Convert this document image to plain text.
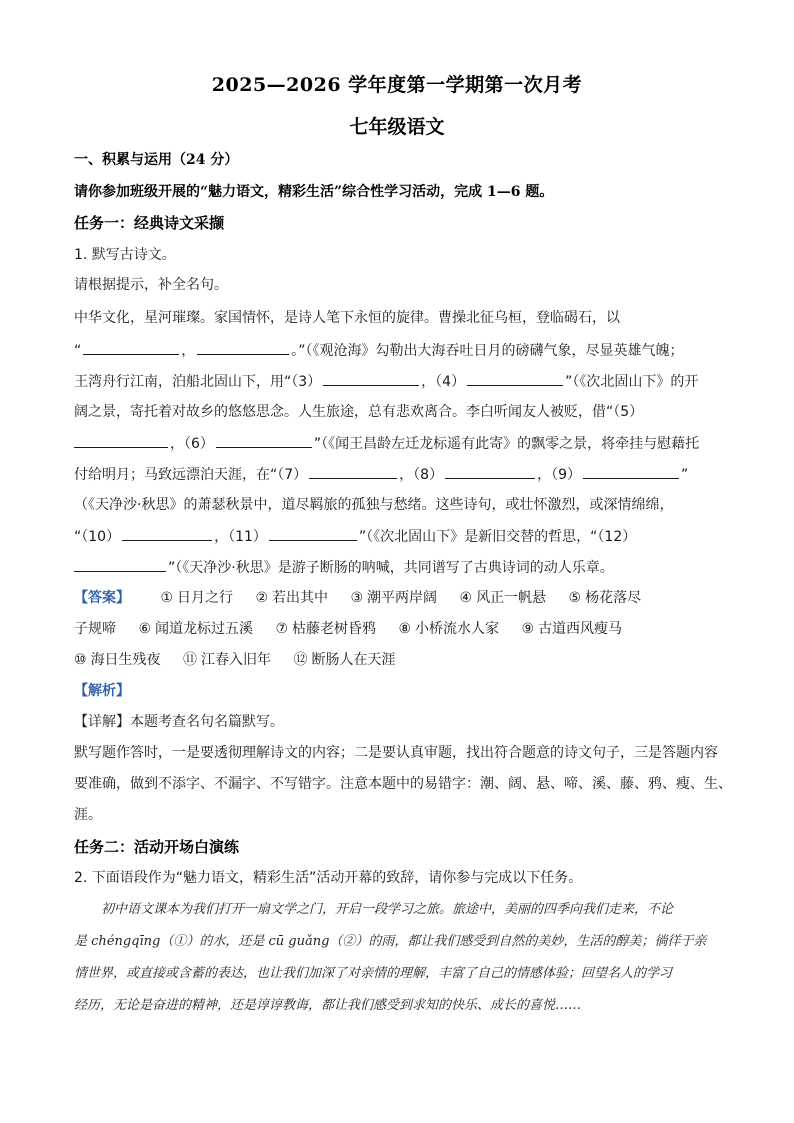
2025—2026 学年度第一学期第一次月考
七年级语文
一、积累与运用（24 分）
请你参加班级开展的“魅力语文，精彩生活”综合性学习活动，完成 1—6 题。
任务一：经典诗文采撷
1. 默写古诗文。
请根据提示，补全名句。
中华文化，星河璀璨。家国情怀，是诗人笔下永恒的旋律。曹操北征乌桓，登临碣石，以
“	，	。”（《观沧海》勾勒出大海吞吐日月的磅礴气象，尽显英雄气魄；
王湾舟行江南，泊船北固山下，用“（3）	，（4）	”（《次北固山下》的开
阔之景，寄托着对故乡的悠悠思念。人生旅途，总有悲欢离合。李白听闻友人被贬，借“（5）
，（6）	”（《闻王昌龄左迁龙标遥有此寄》的飘零之景，将牵挂与慰藉托
付给明月；马致远漂泊天涯，在“（7）	，（8）	，（9）	”
（《天净沙·秋思》的萧瑟秋景中，道尽羁旅的孤独与愁绪。这些诗句，或壮怀激烈，或深情绵绵，
“（10）	，（11）	”（《次北固山下》是新旧交替的哲思，“（12）
”（《天净沙·秋思》是游子断肠的呐喊，共同谱写了古典诗词的动人乐章。
【答案】 ① 日月之行 ② 若出其中 ③ 潮平两岸阔 ④ 风正一帆悬 ⑤ 杨花落尽
子规啼 ⑥ 闻道龙标过五溪 ⑦ 枯藤老树昏鸦 ⑧ 小桥流水人家 ⑨ 古道西风瘦马
⑩ 海日生残夜 ⑪ 江春入旧年 ⑫ 断肠人在天涯
【解析】
【详解】本题考查名句名篇默写。
默写题作答时，一是要透彻理解诗文的内容；二是要认真审题，找出符合题意的诗文句子，三是答题内容
要准确，做到不添字、不漏字、不写错字。注意本题中的易错字：潮、阔、悬、啼、溪、藤、鸦、瘦、生、
涯。
任务二：活动开场白演练
2. 下面语段作为“魅力语文，精彩生活”活动开幕的致辞，请你参与完成以下任务。
初中语文课本为我们打开一扇文学之门，开启一段学习之旅。旅途中，美丽的四季向我们走来，不论
是 chéngqīng（①）的水，还是 cū guǎng（②）的雨，都让我们感受到自然的美妙，生活的醇美；徜徉于亲
情世界，或直接或含蓄的表达，也让我们加深了对亲情的理解，丰富了自己的情感体验；回望名人的学习
经历，无论是奋进的精神，还是谆谆教诲，都让我们感受到求知的快乐、成长的喜悦……
